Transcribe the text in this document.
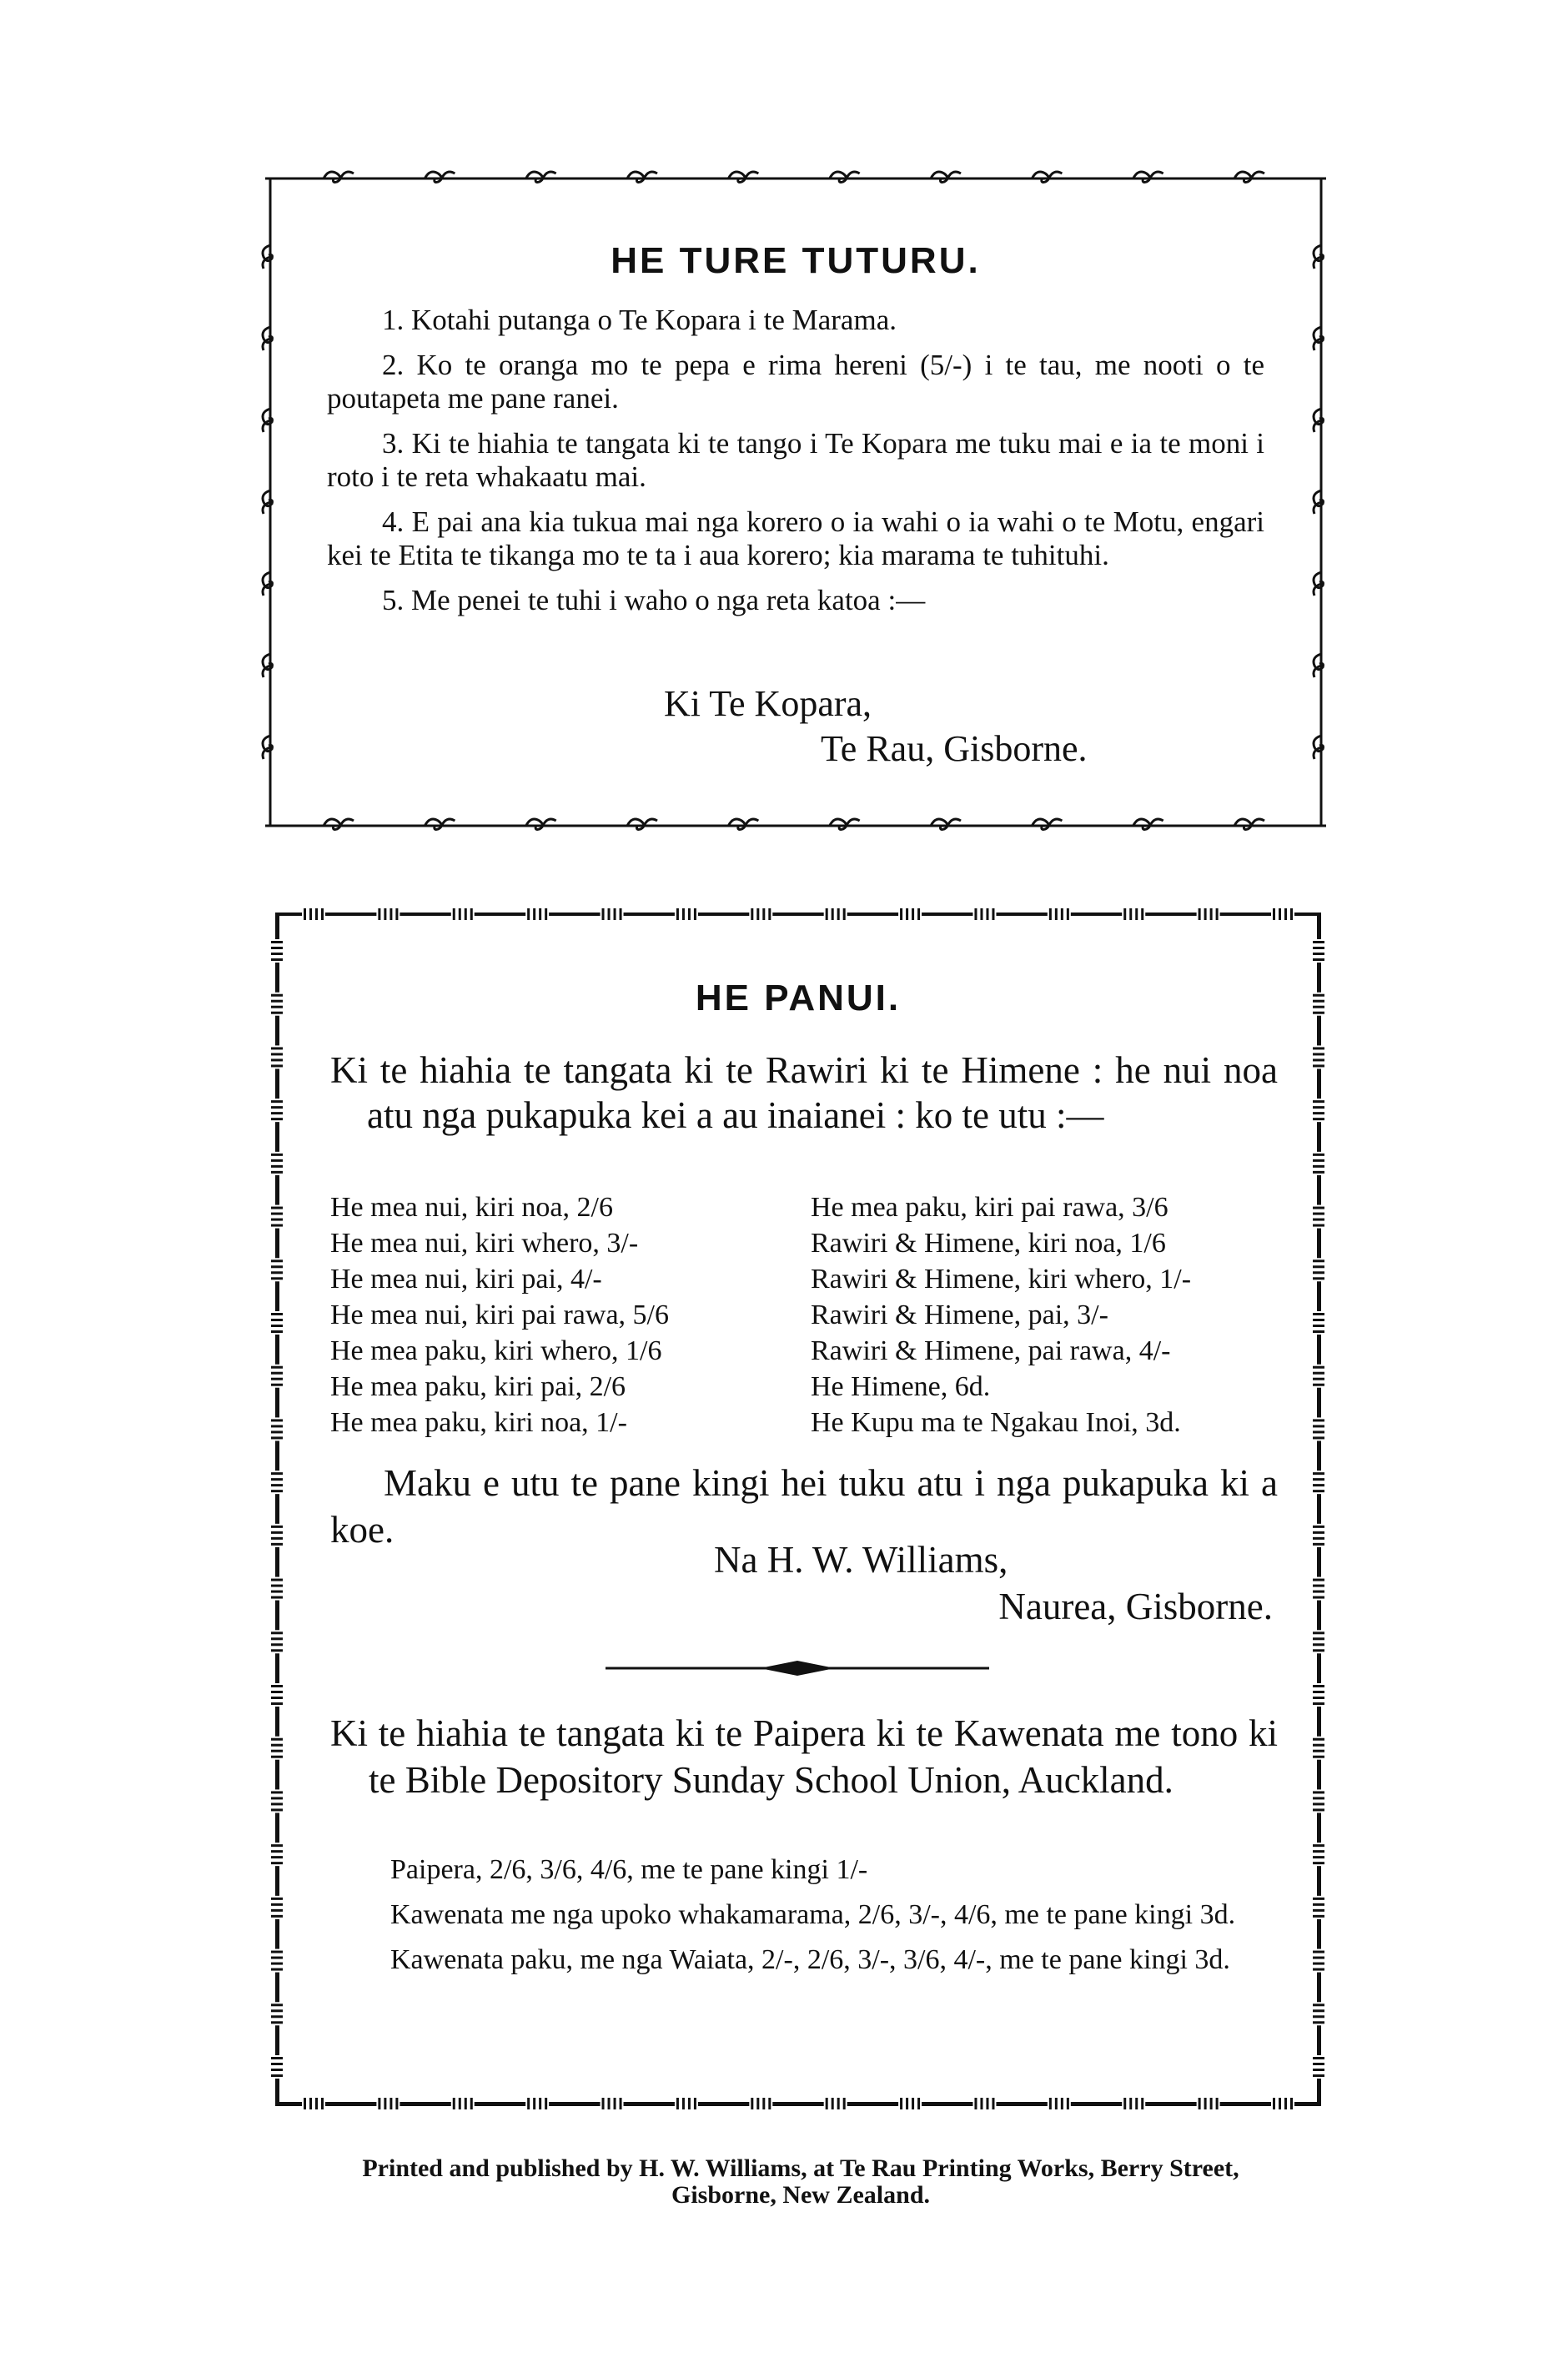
HE TURE TUTURU.
1. Kotahi putanga o Te Kopara i te Marama.
2. Ko te oranga mo te pepa e rima hereni (5/-) i te tau, me nooti o te poutapeta me pane ranei.
3. Ki te hiahia te tangata ki te tango i Te Kopara me tuku mai e ia te moni i roto i te reta whakaatu mai.
4. E pai ana kia tukua mai nga korero o ia wahi o ia wahi o te Motu, engari kei te Etita te tikanga mo te ta i aua korero; kia marama te tuhituhi.
5. Me penei te tuhi i waho o nga reta katoa :—
Ki Te Kopara,
Te Rau, Gisborne.
HE PANUI.
Ki te hiahia te tangata ki te Rawiri ki te Himene : he nui noa atu nga pukapuka kei a au inaianei : ko te utu :—
He mea nui, kiri noa, 2/6
He mea nui, kiri whero, 3/-
He mea nui, kiri pai, 4/-
He mea nui, kiri pai rawa, 5/6
He mea paku, kiri whero, 1/6
He mea paku, kiri pai, 2/6
He mea paku, kiri noa, 1/-
He mea paku, kiri pai rawa, 3/6
Rawiri & Himene, kiri noa, 1/6
Rawiri & Himene, kiri whero, 1/-
Rawiri & Himene, pai, 3/-
Rawiri & Himene, pai rawa, 4/-
He Himene, 6d.
He Kupu ma te Ngakau Inoi, 3d.
Maku e utu te pane kingi hei tuku atu i nga pukapuka ki a koe.
Na H. W. Williams,
Naurea, Gisborne.
Ki te hiahia te tangata ki te Paipera ki te Kawenata me tono ki te Bible Depository Sunday School Union, Auckland.
Paipera, 2/6, 3/6, 4/6, me te pane kingi 1/-
Kawenata me nga upoko whakamarama, 2/6, 3/-, 4/6, me te pane kingi 3d.
Kawenata paku, me nga Waiata, 2/-, 2/6, 3/-, 3/6, 4/-, me te pane kingi 3d.
Printed and published by H. W. Williams, at Te Rau Printing Works, Berry Street,
Gisborne, New Zealand.
